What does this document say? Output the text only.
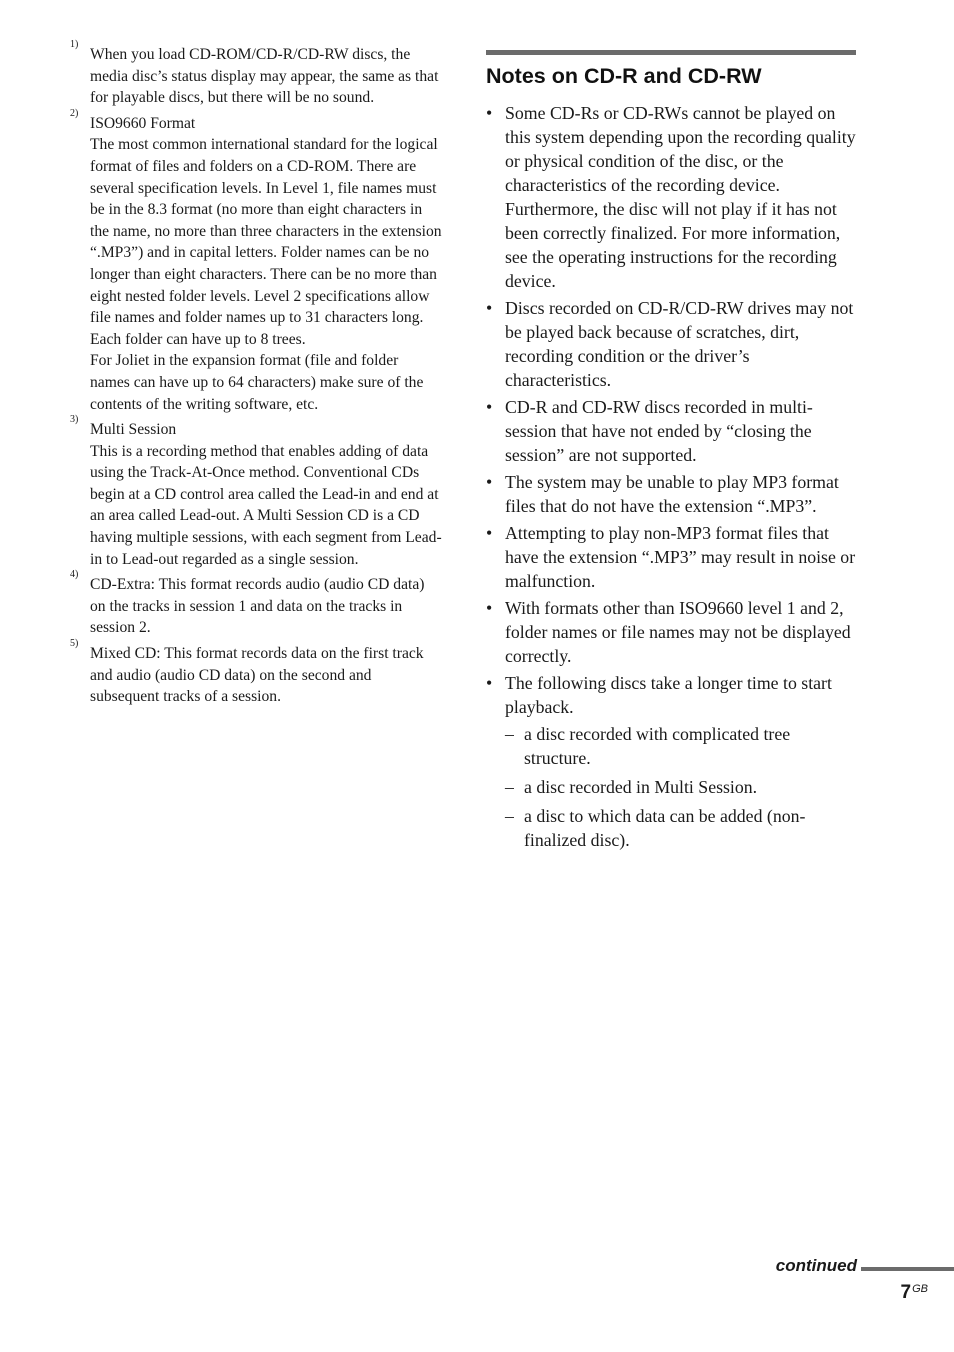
1)

When you load CD-ROM/CD-R/CD-RW discs, the media disc’s status display may appear, the same as that for playable discs, but there will be no sound.

2)

ISO9660 Format

The most common international standard for the logical format of files and folders on a CD-ROM. There are several specification levels. In Level 1, file names must be in the 8.3 format (no more than eight characters in the name, no more than three characters in the extension “.MP3”) and in capital letters. Folder names can be no longer than eight characters. There can be no more than eight nested folder levels. Level 2 specifications allow file names and folder names up to 31 characters long. Each folder can have up to 8 trees.

For Joliet in the expansion format (file and folder names can have up to 64 characters) make sure of the contents of the writing software, etc.

3)

Multi Session

This is a recording method that enables adding of data using the Track-At-Once method. Conventional CDs begin at a CD control area called the Lead-in and end at an area called Lead-out. A Multi Session CD is a CD having multiple sessions, with each segment from Lead-in to Lead-out regarded as a single session.

4)

CD-Extra: This format records audio (audio CD data) on the tracks in session 1 and data on the tracks in session 2.

5)

Mixed CD: This format records data on the first track and audio (audio CD data) on the second and subsequent tracks of a session.

Notes on CD-R and CD-RW
• Some CD-Rs or CD-RWs cannot be played on this system depending upon the recording quality or physical condition of the disc, or the characteristics of the recording device. Furthermore, the disc will not play if it has not been correctly finalized. For more information, see the operating instructions for the recording device.
• Discs recorded on CD-R/CD-RW drives may not be played back because of scratches, dirt, recording condition or the driver’s characteristics.
• CD-R and CD-RW discs recorded in multi-session that have not ended by “closing the session” are not supported.
• The system may be unable to play MP3 format files that do not have the extension “.MP3”.
• Attempting to play non-MP3 format files that have the extension “.MP3” may result in noise or malfunction.
• With formats other than ISO9660 level 1 and 2, folder names or file names may not be displayed correctly.
• The following discs take a longer time to start playback.
– a disc recorded with complicated tree structure.
– a disc recorded in Multi Session.
– a disc to which data can be added (non-finalized disc).
continued
$7^{GB}$
